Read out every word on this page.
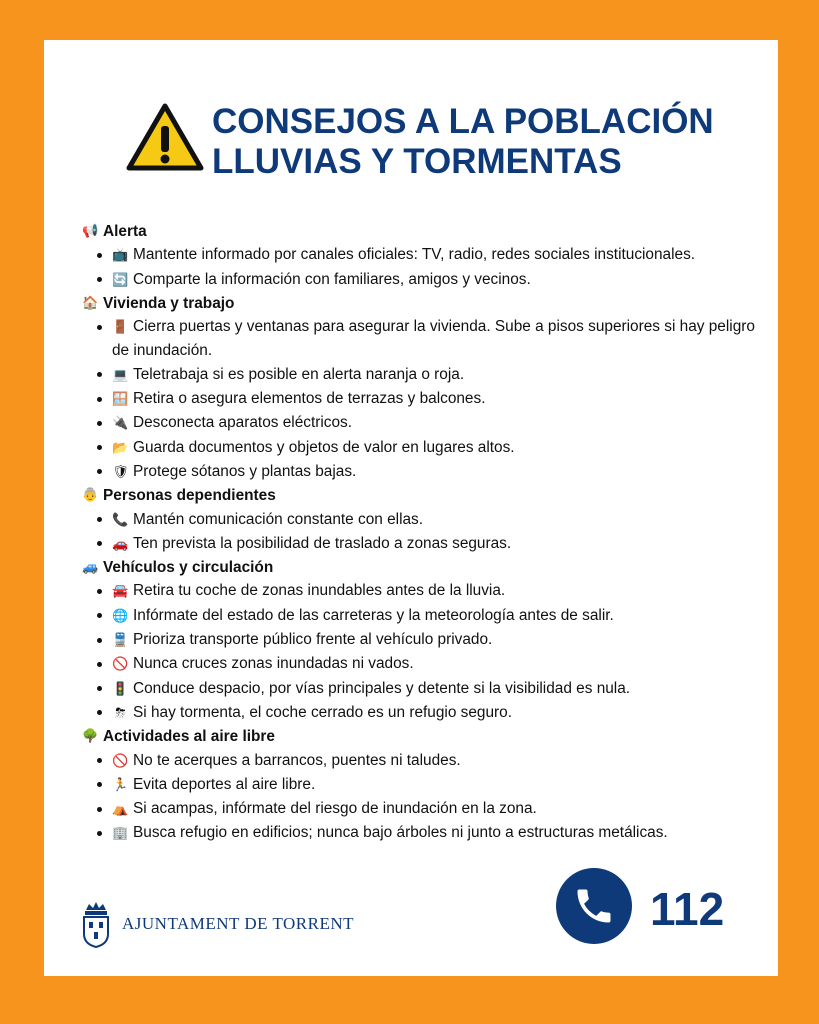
CONSEJOS A LA POBLACIÓN
LLUVIAS Y TORMENTAS
📢 Alerta
📺 Mantente informado por canales oficiales: TV, radio, redes sociales institucionales.
🔄 Comparte la información con familiares, amigos y vecinos.
🏠 Vivienda y trabajo
🚪 Cierra puertas y ventanas para asegurar la vivienda. Sube a pisos superiores si hay peligro de inundación.
💻 Teletrabaja si es posible en alerta naranja o roja.
🪟 Retira o asegura elementos de terrazas y balcones.
🔌 Desconecta aparatos eléctricos.
📂 Guarda documentos y objetos de valor en lugares altos.
🛡 Protege sótanos y plantas bajas.
👵 Personas dependientes
📞 Mantén comunicación constante con ellas.
🚗 Ten prevista la posibilidad de traslado a zonas seguras.
🚙 Vehículos y circulación
🚘 Retira tu coche de zonas inundables antes de la lluvia.
🌐 Infórmate del estado de las carreteras y la meteorología antes de salir.
🚆 Prioriza transporte público frente al vehículo privado.
🚫 Nunca cruces zonas inundadas ni vados.
🚦 Conduce despacio, por vías principales y detente si la visibilidad es nula.
⛈ Si hay tormenta, el coche cerrado es un refugio seguro.
🌳 Actividades al aire libre
🚫 No te acerques a barrancos, puentes ni taludes.
🏃 Evita deportes al aire libre.
⛺ Si acampas, infórmate del riesgo de inundación en la zona.
🏢 Busca refugio en edificios; nunca bajo árboles ni junto a estructuras metálicas.
AJUNTAMENT DE TORRENT	112
